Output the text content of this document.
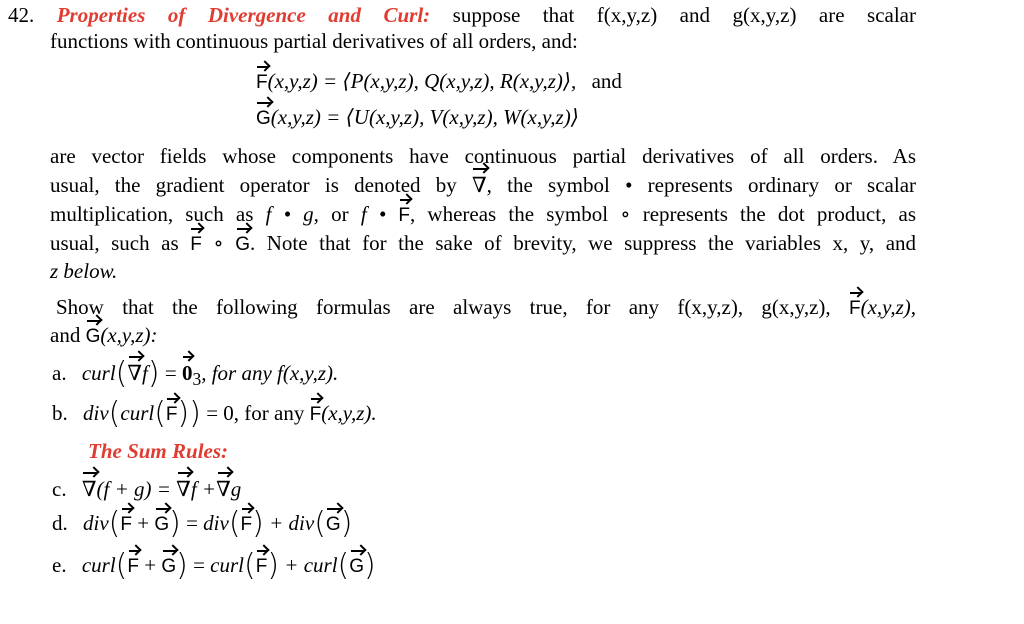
42. Properties of Divergence and Curl: suppose that f(x,y,z) and g(x,y,z) are scalar
functions with continuous partial derivatives of all orders, and:
F(x,y,z) = ⟨P(x,y,z), Q(x,y,z), R(x,y,z)⟩, and
G(x,y,z) = ⟨U(x,y,z), V(x,y,z), W(x,y,z)⟩
are vector fields whose components have continuous partial derivatives of all orders. As
usual, the gradient operator is denoted by ∇, the symbol • represents ordinary or scalar
multiplication, such as f • g, or f • F, whereas the symbol ∘ represents the dot product, as
usual, such as F ∘ G. Note that for the sake of brevity, we suppress the variables x, y, and
z below.
Show that the following formulas are always true, for any f(x,y,z), g(x,y,z), F(x,y,z),
and G(x,y,z):
a. curl(∇f) = $0_3$, for any f(x,y,z).
b. div(curl(F)) = 0, for any F(x,y,z).
The Sum Rules:
c. ∇(f + g) = ∇f +∇g
d. div(F + G) = div(F) + div(G)
e. curl(F + G) = curl(F) + curl(G)
